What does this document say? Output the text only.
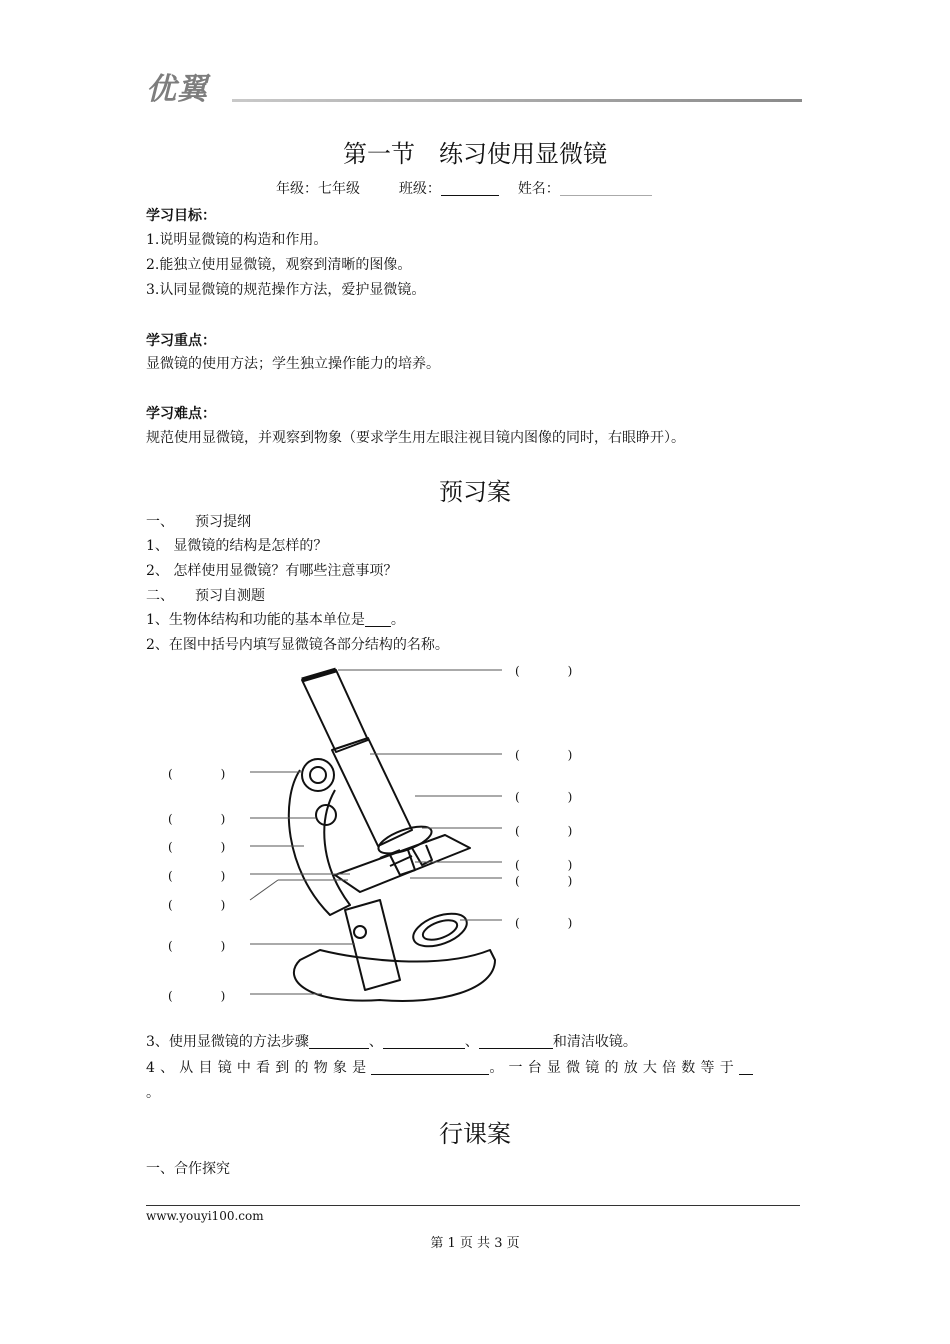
优翼
第一节　练习使用显微镜
年级：七年级	班级：	姓名：
学习目标：
1.说明显微镜的构造和作用。
2.能独立使用显微镜，观察到清晰的图像。
3.认同显微镜的规范操作方法，爱护显微镜。
学习重点：
显微镜的使用方法；学生独立操作能力的培养。
学习难点：
规范使用显微镜，并观察到物象（要求学生用左眼注视目镜内图像的同时，右眼睁开）。
预习案
一、　　预习提纲
1、 显微镜的结构是怎样的？
2、 怎样使用显微镜？有哪些注意事项？
二、　　预习自测题
1、生物体结构和功能的基本单位是 。
2、在图中括号内填写显微镜各部分结构的名称。
(　　　　)
(　　　　)
(　　　　)
(　　　　)
(　　　　)
(　　　　)
(　　　　)
(　　　　)
(　　　　)
(　　　　)
(　　　　)
(　　　　)
(　　　　)
(　　　　)
3、使用显微镜的方法步骤	、	、	和清洁收镜。
4、从目镜中看到的物象是	。一台显微镜的放大倍数等于
。
行课案
一、合作探究
www.youyi100.com
第 1 页 共 3 页
